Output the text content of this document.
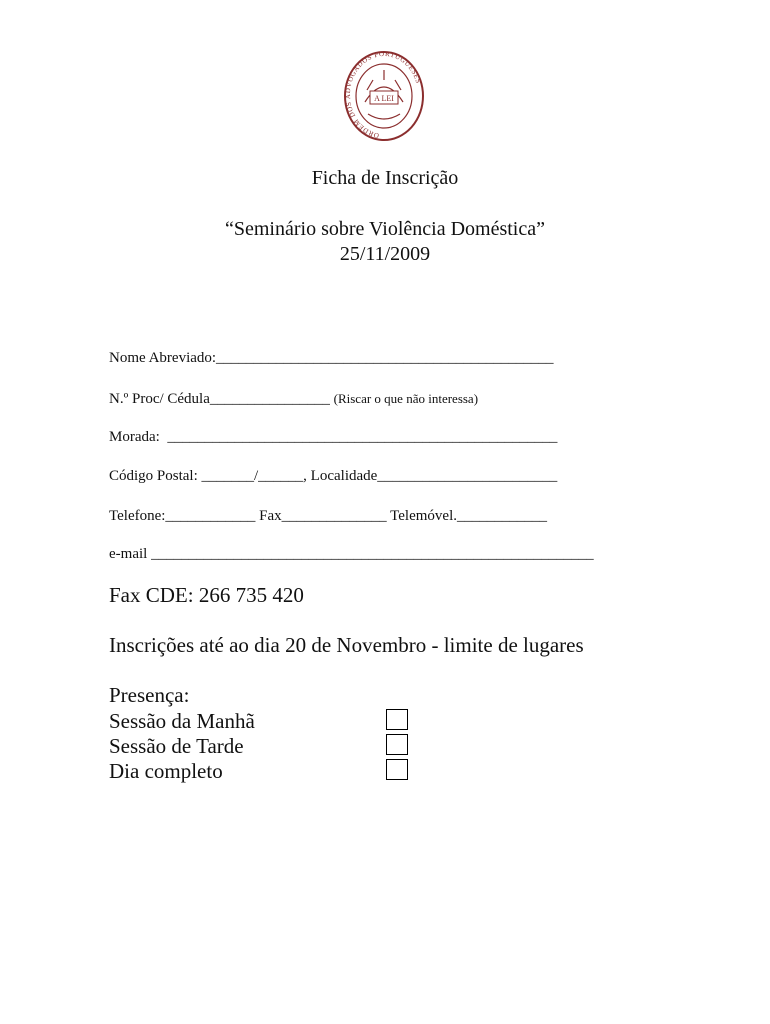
ORDEM DOS ADVOGADOS PORTUGUESES
A LEI
Ficha de Inscrição
“Seminário sobre Violência Doméstica”
25/11/2009
Nome Abreviado:_____________________________________________
N.º Proc/ Cédula________________ (Riscar o que não interessa)
Morada:  ____________________________________________________
Código Postal: _______/______, Localidade________________________
Telefone:____________ Fax______________ Telemóvel.____________
e-mail ___________________________________________________________
Fax CDE: 266 735 420
Inscrições até ao dia 20 de Novembro - limite de lugares
Presença:
Sessão da Manhã
Sessão de Tarde
Dia completo
